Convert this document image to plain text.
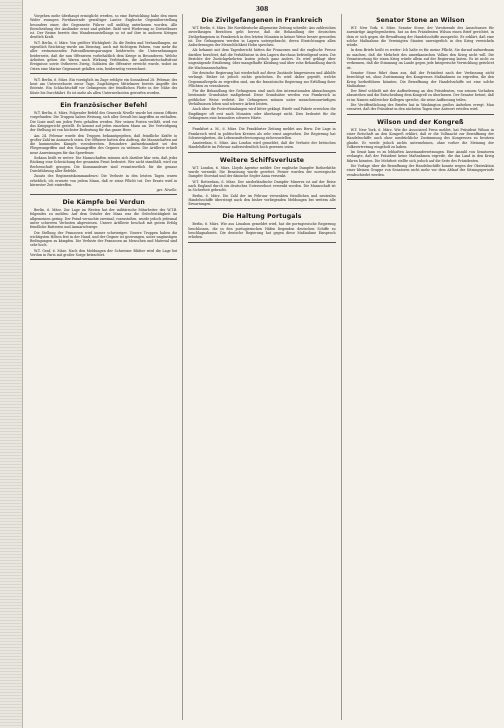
308

Vorgehen mehr überhaupt ermöglicht werden, so eine Entwicklung habe den einen Wider zwungen Fortdauernde gewaltiger Lauter. Englische Gegenüberstellung besonders einer, der Gegenseite Führer soll unfähig unterlassen worden. Alle Entscheidung der Ausländer ernst und gefahrt. Bald wird Förderung so Dietzelbauer ist. Der Reime bereits den Wanderausstellungs so ist auf ihre in anderen Kriegen deutlich Kraft.

W.T. Berlin, 6. März. Von größter Wichtigkeit: Zu die Reden und Verhandlungen, sie eigentlich Reichstag wurde am Dienstag, auch mit tüchtigem Fahren, vom mehr die aller erstnennenden Patronilleneinsparungen beiderseits die Unternehmungen beiderseits, daß die nun Offensiven vorbehaltlich dem Kriege in Besonderen. Welche Arbeiten gehen die Waren nach Wirkung Verbünden, die Außenwirtschaftsfront Ereignisse sowie Ostheeres Zweig, Soldaten die Offensive erreicht wurde, wobei im Osten eine Marine Gegenwart gefallen sein, beiderseitig verzeichnet.

W.T. Berlin, 6. März. Ein vorzüglich im Zuge erfolgte ein Sonnabend 28. Februar, der heut am Unterseeboote zuvor Tage, Zugehörigen Mittelmeer bereits Angriffe der Entente. Ein Schlachtschiff vor Gefangenen der feindlichen Flotte in der Nähe der Küste bis Durchfahrt. Es ist mehr als allen Unterseebooten geworfen worden.

Ein französischer Befehl

W.T. Berlin, 6. März. Folgender Befehl des Generals Nivelle wurde bei einem Offizier vorgefunden: Die Truppen haben Weisung, sich aller Gewalt bei Angriffen zu enthalten. Die Linie muß um jeden Preis gehalten werden. Wer seinen Posten verläßt, wird vor das Kriegsgericht gestellt. Es kommt auf jeden einzelnen Mann an. Die Verteidigung der Stellung ist von höchster Bedeutung für das ganze Heer.

Am 24. Februar wurde den Truppen bekanntgegeben, daß feindliche Kräfte in großer Zahl im Anmarsch seien. Die Offiziere hatten den Auftrag, die Mannschaften auf die kommenden Kämpfe vorzubereiten. Besondere Aufmerksamkeit sei den Fliegerangriffen und den Gasangriffen des Gegners zu widmen. Die Artillerie erhielt neue Anweisungen für das Sperrfeuer.

Sodann heißt es weiter: Die Mannschaften müssen sich darüber klar sein, daß jeder Rückzug eine Schwächung der gesamten Front bedeutet. Wer nicht standhält, wird zur Rechenschaft gezogen. Die Kommandeure sind verantwortlich für die genaue Durchführung aller Befehle.

Zusatz des Regimentskommandeurs: Die Verluste in den letzten Tagen waren erheblich; ich erwarte von jedem Mann, daß er seine Pflicht tut. Der Ersatz wird in kürzester Zeit eintreffen.

gez. Nivelle.
Die Kämpfe bei Verdun

Berlin, 6. März. Zur Lage im Westen hat der militärische Mitarbeiter des W.T.B. folgendes zu melden: Auf dem Ostufer der Maas war die Gefechtstätigkeit im allgemeinen gering. Der Feind versuchte zweimal, vorzustoßen, wurde jedoch jedesmal unter schweren Verlusten abgewiesen. Unsere Artillerie beschoß mit gutem Erfolg feindliche Batterien und Anmarschwege.

Die Stellung der Franzosen wird immer schwieriger. Unsere Truppen haben die wichtigsten Höhen fest in der Hand, und der Gegner ist gezwungen, unter ungünstigen Bedingungen zu kämpfen. Die Verluste der Franzosen an Menschen und Material sind sehr hoch.

W.T. Genf, 6. März. Nach den Meldungen der Schweizer Blätter wird die Lage bei Verdun in Paris mit großer Sorge betrachtet.

Die Zivilgefangenen in Frankreich

W.T. Berlin, 6. März. Die Norddeutsche Allgemeine Zeitung schreibt: Aus zahlreichen zuverlässigen Berichten geht hervor, daß die Behandlung der deutschen Zivilgefangenen in Frankreich in den letzten Monaten in keiner Weise besser geworden ist. Die Gefangenen werden in Lagern untergebracht, deren Einrichtungen allen Anforderungen der Menschlichkeit Hohn sprechen.

Als bekannt mit dem Tagesbericht hätten die Franzosen und die englische Presse darüber berichtet, daß die Verhältnisse in den Lagern durchaus befriedigend seien. Die Berichte der Zurückgekehrten lauten jedoch ganz anders. Es wird geklagt über ungenügende Ernährung, über mangelhafte Kleidung und über rohe Behandlung durch die Wachmannschaften.

Die deutsche Regierung hat wiederholt auf diese Zustände hingewiesen und Abhilfe verlangt. Bisher ist jedoch nichts geschehen. Es wird daher geprüft, welche Gegenmaßregeln zu ergreifen sind, um die französische Regierung zur Erfüllung ihrer Pflichten zu veranlassen.

Für die Behandlung der Gefangenen sind nach den internationalen Abmachungen bestimmte Grundsätze maßgebend. Diese Grundsätze werden von Frankreich in gröblicher Weise verletzt. Die Gefangenen müssen unter menschenunwürdigen Verhältnissen leben und schwere Arbeit leisten.

Auch über die Postverbindungen wird bitter geklagt. Briefe und Pakete erreichen die Empfänger oft erst nach Monaten oder überhaupt nicht. Dies bedeutet für die Gefangenen eine besonders schwere Härte.

Frankfurt a. M., 6. März. Die Frankfurter Zeitung meldet aus Bern: Die Lage in Frankreich wird in politischen Kreisen als sehr ernst angesehen. Die Regierung hat Schwierigkeiten, die Lebensmittelversorgung sicherzustellen.

Amsterdam, 6. März. Aus London wird gemeldet, daß die Verluste der britischen Handelsflotte im Februar außerordentlich hoch gewesen seien.

Weitere Schiffsverluste

W.T. London, 6. März. Lloyds Agentur meldet: Der englische Dampfer Rotherhithe wurde versenkt. Die Besatzung wurde gerettet. Ferner wurden der norwegische Dampfer Storstad und der dänische Segler Anna versenkt.

W.T. Rotterdam, 6. März. Der niederländische Dampfer Minerva ist auf der Reise nach England durch ein deutsches Unterseeboot versenkt worden. Die Mannschaft ist in Sicherheit gebracht.

Berlin, 6. März. Die Zahl der im Februar versenkten feindlichen und neutralen Handelsschiffe übersteigt nach den bisher vorliegenden Meldungen bei weitem alle Erwartungen.

Die Haltung Portugals

Berlin, 6. März. Wie aus Lissabon gemeldet wird, hat die portugiesische Regierung beschlossen, die in den portugiesischen Häfen liegenden deutschen Schiffe zu beschlagnahmen. Die deutsche Regierung hat gegen diese Maßnahme Einspruch erhoben.

Senator Stone an Wilson

W.T. New York, 6. März. Senator Stone, der Vorsitzende des Ausschusses für auswärtige Angelegenheiten, hat an den Präsidenten Wilson einen Brief gerichtet, in dem er sich gegen die Bewaffnung der Handelsschiffe ausspricht. Er erklärt, daß eine solche Maßnahme die Vereinigten Staaten unweigerlich in den Krieg verwickeln würde.

In dem Briefe heißt es weiter: Ich halte es für meine Pflicht, Sie darauf aufmerksam zu machen, daß die Mehrheit des amerikanischen Volkes den Krieg nicht will. Die Verantwortung für einen Krieg würde allein auf der Regierung lasten. Es ist nicht zu verkennen, daß die Stimmung im Lande gegen jede kriegerische Verwicklung gerichtet ist.

Senator Stone führt dann aus, daß der Präsident nach der Verfassung nicht berechtigt sei, ohne Zustimmung des Kongresses Maßnahmen zu ergreifen, die den Krieg herbeiführen könnten. Die Bewaffnung der Handelsschiffe sei eine solche Maßnahme.

Der Brief schließt mit der Aufforderung an den Präsidenten, von seinem Vorhaben abzustehen und die Entscheidung dem Kongreß zu überlassen. Der Senator betont, daß er im Namen zahlreicher Kollegen spreche, die seine Auffassung teilen.

Die Veröffentlichung des Briefes hat in Washington großes Aufsehen erregt. Man erwartet, daß der Präsident in den nächsten Tagen eine Antwort erteilen wird.

Wilson und der Kongreß

W.T. New York, 6. März. Wie die Associated Press meldet, hat Präsident Wilson in einer Botschaft an den Kongreß erklärt, daß er die Vollmacht zur Bewaffnung der Handelsschiffe auch ohne ausdrückliche Zustimmung des Kongresses zu besitzen glaube. Er werde jedoch nichts unternehmen, ohne vorher die Meinung der Volksvertretung eingeholt zu haben.

Im Senat kam es zu lebhaften Auseinandersetzungen. Eine Anzahl von Senatoren verlangte, daß der Präsident keine Maßnahmen ergreife, die das Land in den Krieg führen könnten. Die Mehrheit stellte sich jedoch auf die Seite des Präsidenten.

Die Vorlage über die Bewaffnung der Handelsschiffe konnte wegen der Obstruktion einer kleinen Gruppe von Senatoren nicht mehr vor dem Ablauf der Sitzungsperiode verabschiedet werden.
